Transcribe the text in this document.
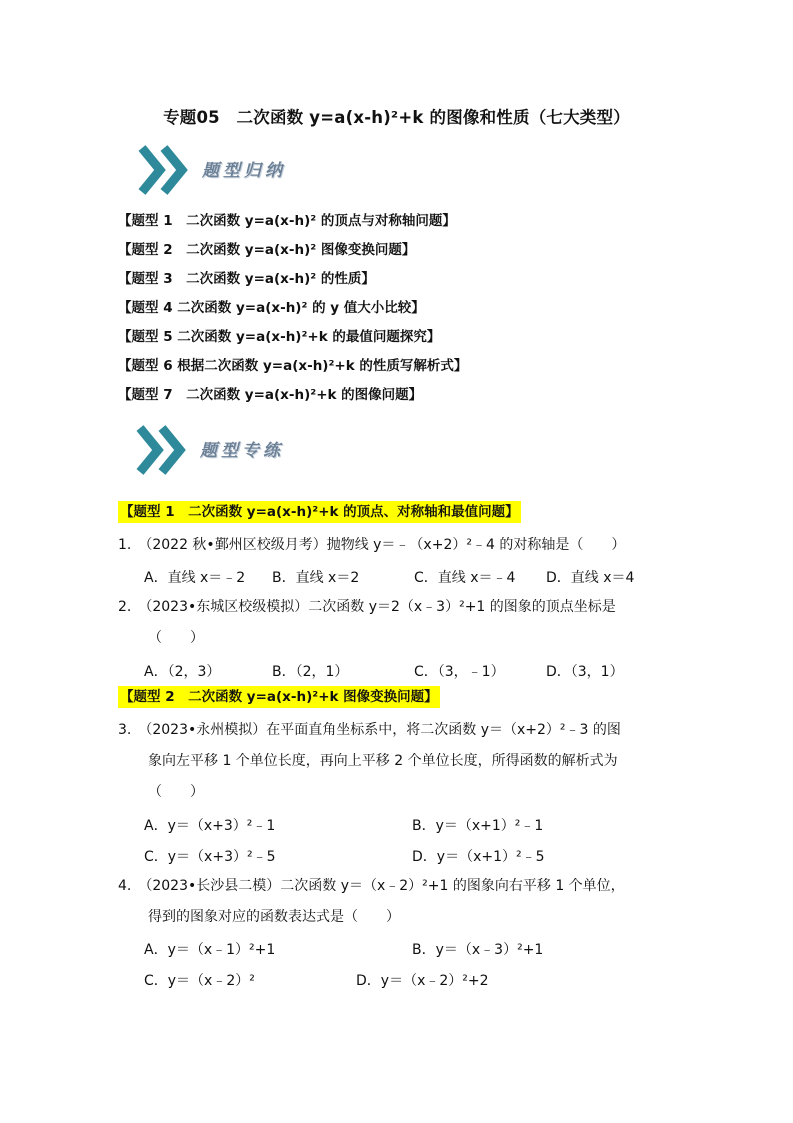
专题05　二次函数 y=a(x-h)²+k 的图像和性质（七大类型）
题型归纳
【题型 1　二次函数 y=a(x-h)² 的顶点与对称轴问题】
【题型 2　二次函数 y=a(x-h)² 图像变换问题】
【题型 3　二次函数 y=a(x-h)² 的性质】
【题型 4 二次函数 y=a(x-h)² 的 y 值大小比较】
【题型 5 二次函数 y=a(x-h)²+k 的最值问题探究】
【题型 6 根据二次函数 y=a(x-h)²+k 的性质写解析式】
【题型 7　二次函数 y=a(x-h)²+k 的图像问题】
题型专练
【题型 1　二次函数 y=a(x-h)²+k 的顶点、对称轴和最值问题】
1.　（2022 秋•鄞州区校级月考）抛物线 y＝﹣（x+2）²﹣4 的对称轴是（　　）
A．直线 x＝﹣2 B．直线 x＝2	C．直线 x＝﹣4 D．直线 x＝4
2.　（2023•东城区校级模拟）二次函数 y＝2（x﹣3）²+1 的图象的顶点坐标是
（　　）
A．（2，3）	B．（2，1）	C．（3，﹣1）	D．（3，1）
【题型 2　二次函数 y=a(x-h)²+k 图像变换问题】
3.　（2023•永州模拟）在平面直角坐标系中，将二次函数 y＝（x+2）²﹣3 的图
象向左平移 1 个单位长度，再向上平移 2 个单位长度，所得函数的解析式为
（　　）
A．y＝（x+3）²﹣1	B．y＝（x+1）²﹣1
C．y＝（x+3）²﹣5	D．y＝（x+1）²﹣5
4.　（2023•长沙县二模）二次函数 y＝（x﹣2）²+1 的图象向右平移 1 个单位，
得到的图象对应的函数表达式是（　　）
A．y＝（x﹣1）²+1	B．y＝（x﹣3）²+1
C．y＝（x﹣2）²	D．y＝（x﹣2）²+2
